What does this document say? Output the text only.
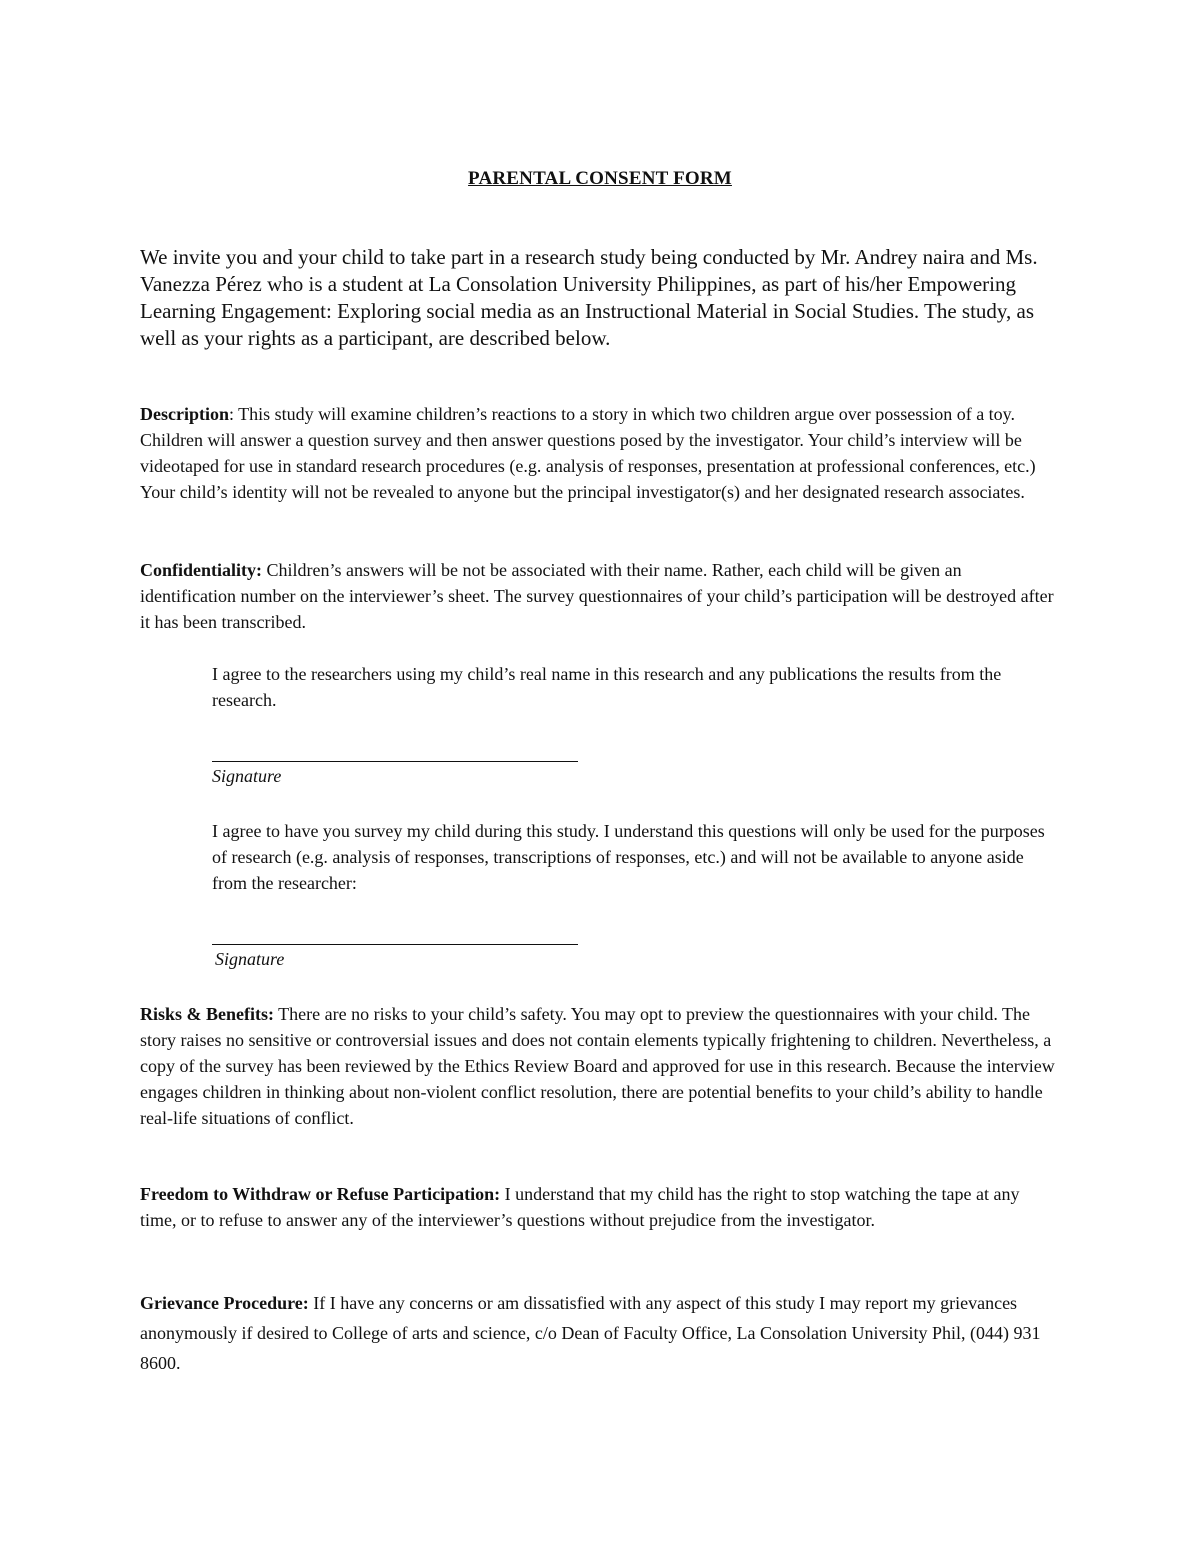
PARENTAL CONSENT FORM

We invite you and your child to take part in a research study being conducted by Mr. Andrey naira and Ms. Vanezza Pérez who is a student at La Consolation University Philippines, as part of his/her Empowering Learning Engagement: Exploring social media as an Instructional Material in Social Studies. The study, as well as your rights as a participant, are described below.

Description: This study will examine children’s reactions to a story in which two children argue over possession of a toy. Children will answer a question survey and then answer questions posed by the investigator. Your child’s interview will be videotaped for use in standard research procedures (e.g. analysis of responses, presentation at professional conferences, etc.) Your child’s identity will not be revealed to anyone but the principal investigator(s) and her designated research associates.

Confidentiality: Children’s answers will be not be associated with their name. Rather, each child will be given an identification number on the interviewer’s sheet. The survey questionnaires of your child’s participation will be destroyed after it has been transcribed.

I agree to the researchers using my child’s real name in this research and any publications the results from the research.

Signature

I agree to have you survey my child during this study. I understand this questions will only be used for the purposes of research (e.g. analysis of responses, transcriptions of responses, etc.) and will not be available to anyone aside from the researcher:

Signature

Risks & Benefits: There are no risks to your child’s safety. You may opt to preview the questionnaires with your child. The story raises no sensitive or controversial issues and does not contain elements typically frightening to children. Nevertheless, a copy of the survey has been reviewed by the Ethics Review Board and approved for use in this research. Because the interview engages children in thinking about non-violent conflict resolution, there are potential benefits to your child’s ability to handle real-life situations of conflict.

Freedom to Withdraw or Refuse Participation: I understand that my child has the right to stop watching the tape at any time, or to refuse to answer any of the interviewer’s questions without prejudice from the investigator.

Grievance Procedure: If I have any concerns or am dissatisfied with any aspect of this study I may report my grievances anonymously if desired to College of arts and science, c/o Dean of Faculty Office, La Consolation University Phil, (044) 931 8600.
